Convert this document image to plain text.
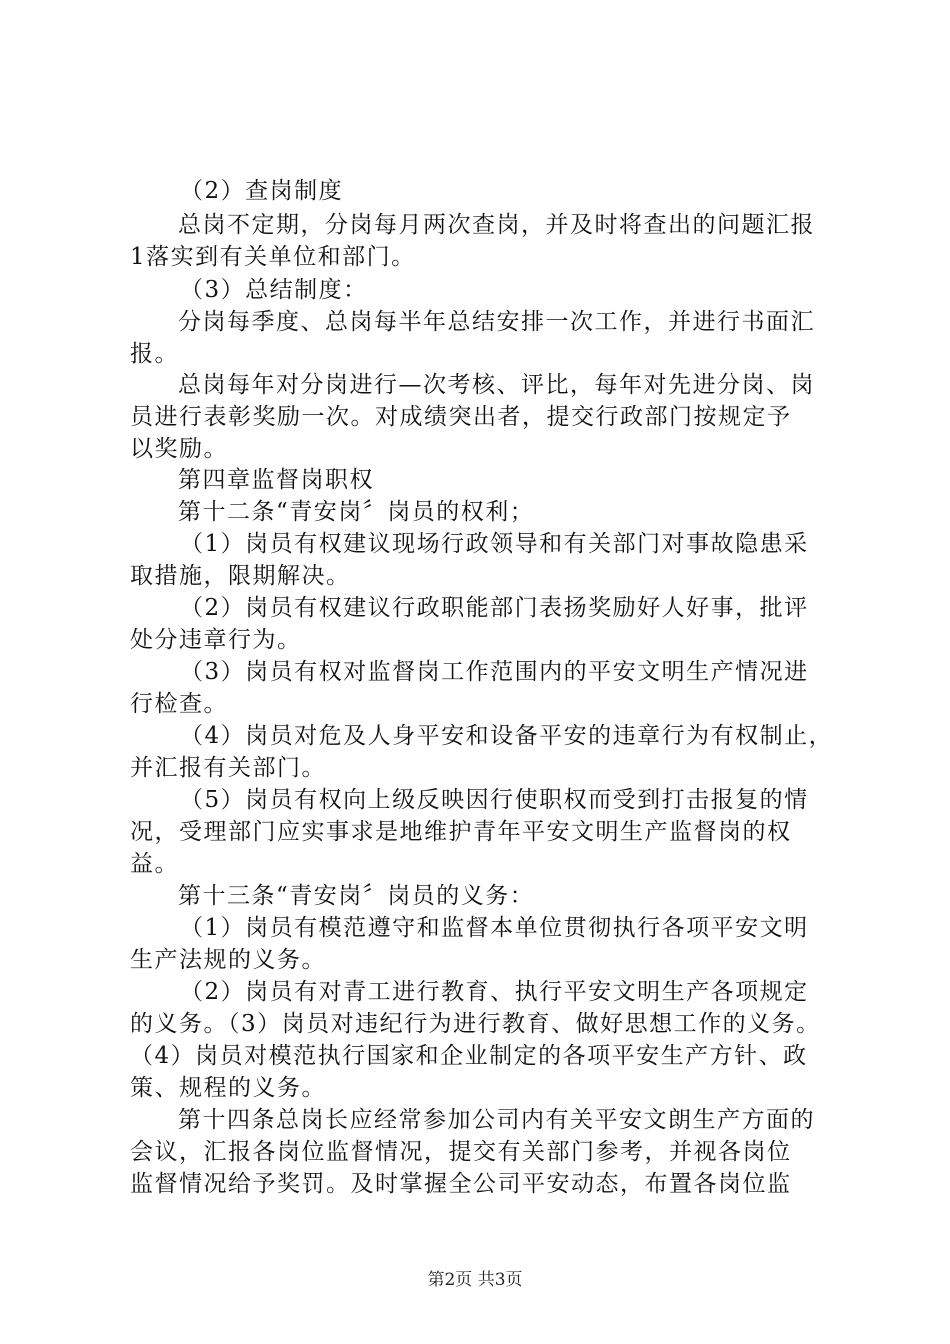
（2）查岗制度
总岗不定期，分岗每月两次查岗，并及时将查出的问题汇报
1落实到有关单位和部门。
（3）总结制度：
分岗每季度、总岗每半年总结安排一次工作，并进行书面汇
报。
总岗每年对分岗进行—次考核、评比，每年对先进分岗、岗
员进行表彰奖励一次。对成绩突出者，提交行政部门按规定予
以奖励。
第四章监督岗职权
第十二条“青安岗〞岗员的权利；
（1）岗员有权建议现场行政领导和有关部门对事故隐患采
取措施，限期解决。
（2）岗员有权建议行政职能部门表扬奖励好人好事，批评
处分违章行为。
（3）岗员有权对监督岗工作范围内的平安文明生产情况进
行检查。
（4）岗员对危及人身平安和设备平安的违章行为有权制止，
并汇报有关部门。
（5）岗员有权向上级反映因行使职权而受到打击报复的情
况，受理部门应实事求是地维护青年平安文明生产监督岗的权
益。
第十三条“青安岗〞岗员的义务：
（1）岗员有模范遵守和监督本单位贯彻执行各项平安文明
生产法规的义务。
（2）岗员有对青工进行教育、执行平安文明生产各项规定
的义务。（3）岗员对违纪行为进行教育、做好思想工作的义务。
（4）岗员对模范执行国家和企业制定的各项平安生产方针、政
策、规程的义务。
第十四条总岗长应经常参加公司内有关平安文朗生产方面的
会议，汇报各岗位监督情况，提交有关部门参考，并视各岗位
监督情况给予奖罚。及时掌握全公司平安动态，布置各岗位监
第2页 共3页
